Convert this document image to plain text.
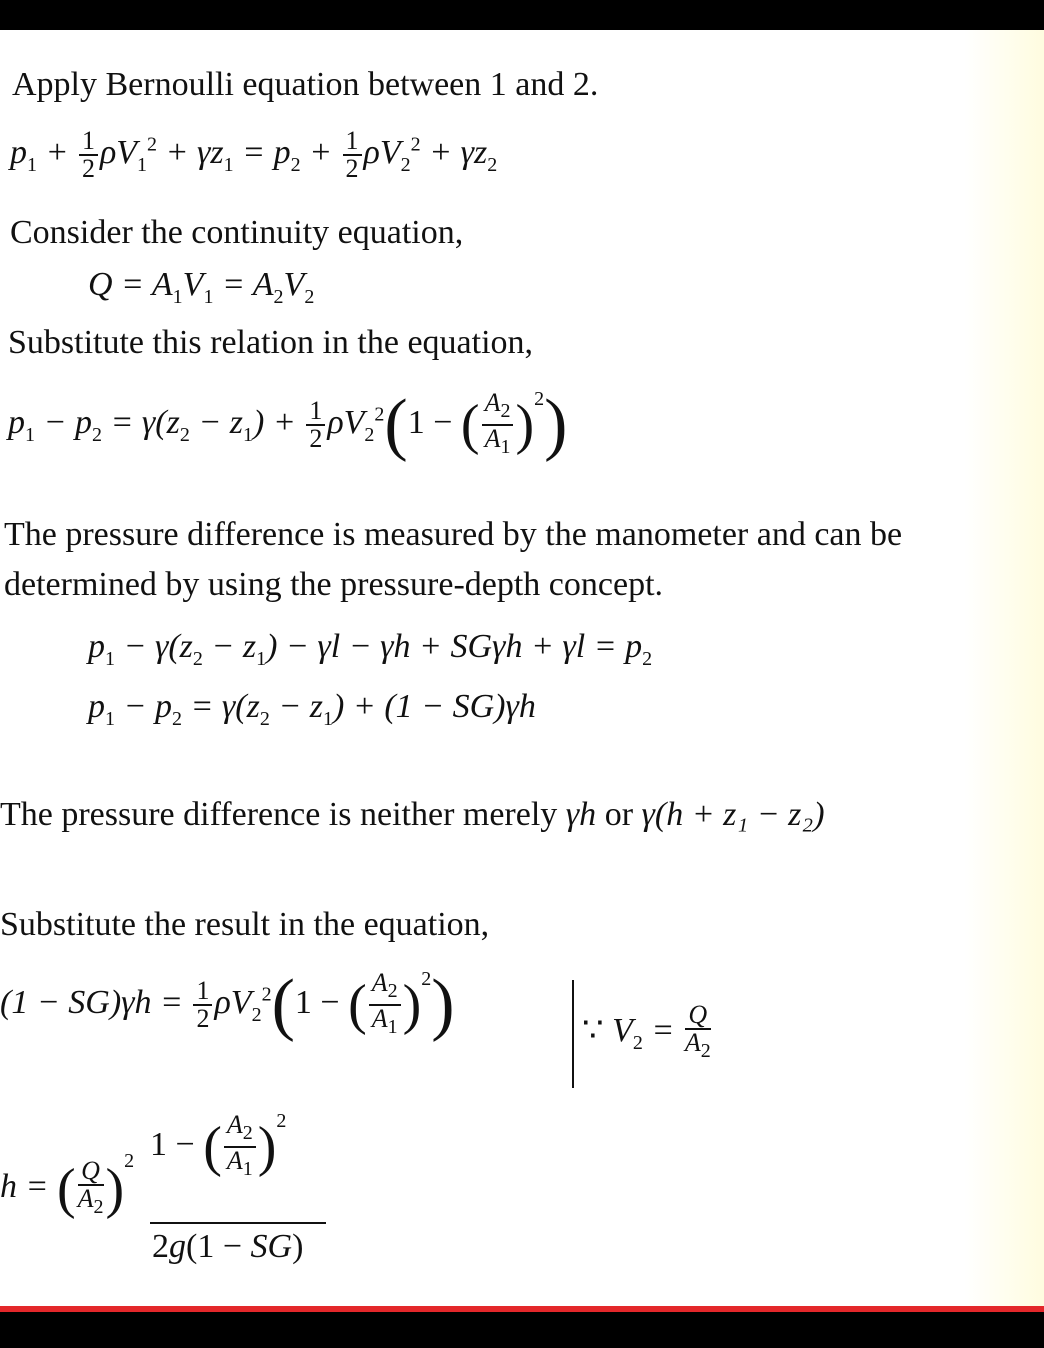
Apply Bernoulli equation between 1 and 2.
$p_1 + \frac{1}{2} \rho V_1^2 + \gamma z_1 = p_2 + \frac{1}{2} \rho V_2^2 + \gamma z_2$
Consider the continuity equation,
$Q = A_1V_1 = A_2V_2$
Substitute this relation in the equation,
$p_1 - p_2 = \gamma(z_2 - z_1) + \frac{1}{2} \rho V_2^2(1$ − ( $\frac{A_2}{A_1} )^2$)
The pressure difference is measured by the manometer and can be
determined by using the pressure-depth concept.
$p_1 - \gamma(z_2 - z_1) - \gamma l - \gamma h + SG\gamma h + \gamma l = p_2$
$p_1 - p_2 = \gamma(z_2 - z_1) + (1 - SG)\gamma h$
The pressure difference is neither merely γh or γ(h + z₁ − z₂)
Substitute the result in the equation,
$(1 - SG)\gamma h = \frac{1}{2} \rho V_2^2(1$ − ( $\frac{A_2}{A_1} )^2$)	∵ $V_2 = \frac{Q}{A_2}$
h = ( $\frac{Q}{A_2} )^2$ 1 − ( $\frac{A_2}{A_1} )^2$
2g(1 − SG)
